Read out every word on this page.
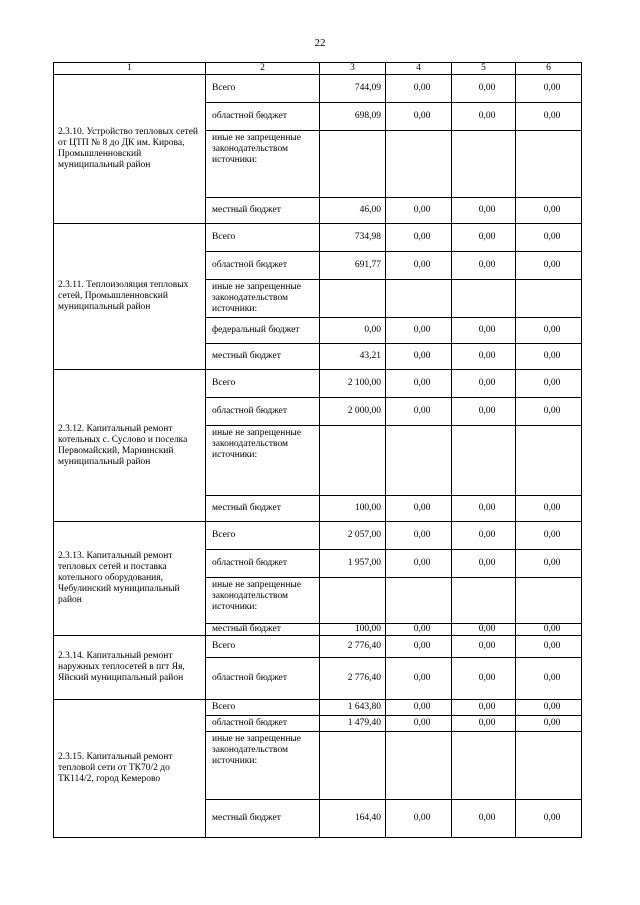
22
1	2	3	4	5	6
2.3.10. Устройство тепловых сетей от ЦТП № 8 до ДК им. Кирова, Промышленновский муниципальный район	Всего	744,09	0,00	0,00	0,00
	областной бюджет	698,09	0,00	0,00	0,00
	иные не запрещенные законодательством источники:				
	местный бюджет	46,00	0,00	0,00	0,00
2.3.11. Теплоизоляция тепловых сетей, Промышленновский муниципальный район	Всего	734,98	0,00	0,00	0,00
	областной бюджет	691,77	0,00	0,00	0,00
	иные не запрещенные законодательством источники:				
	федеральный бюджет	0,00	0,00	0,00	0,00
	местный бюджет	43,21	0,00	0,00	0,00
2.3.12. Капитальный ремонт котельных с. Суслово и поселка Первомайский, Мариинский муниципальный район	Всего	2 100,00	0,00	0,00	0,00
	областной бюджет	2 000,00	0,00	0,00	0,00
	иные не запрещенные законодательством источники:				
	местный бюджет	100,00	0,00	0,00	0,00
2.3.13. Капитальный ремонт тепловых сетей и поставка котельного оборудования, Чебулинский муниципальный район	Всего	2 057,00	0,00	0,00	0,00
	областной бюджет	1 957,00	0,00	0,00	0,00
	иные не запрещенные законодательством источники:				
	местный бюджет	100,00	0,00	0,00	0,00
2.3.14. Капитальный ремонт наружных теплосетей в пгт Яя, Яйский муниципальный район	Всего	2 776,40	0,00	0,00	0,00
	областной бюджет	2 776,40	0,00	0,00	0,00
2.3.15. Капитальный ремонт тепловой сети от ТК70/2 до ТК114/2, город Кемерово	Всего	1 643,80	0,00	0,00	0,00
	областной бюджет	1 479,40	0,00	0,00	0,00
	иные не запрещенные законодательством источники:				
	местный бюджет	164,40	0,00	0,00	0,00
